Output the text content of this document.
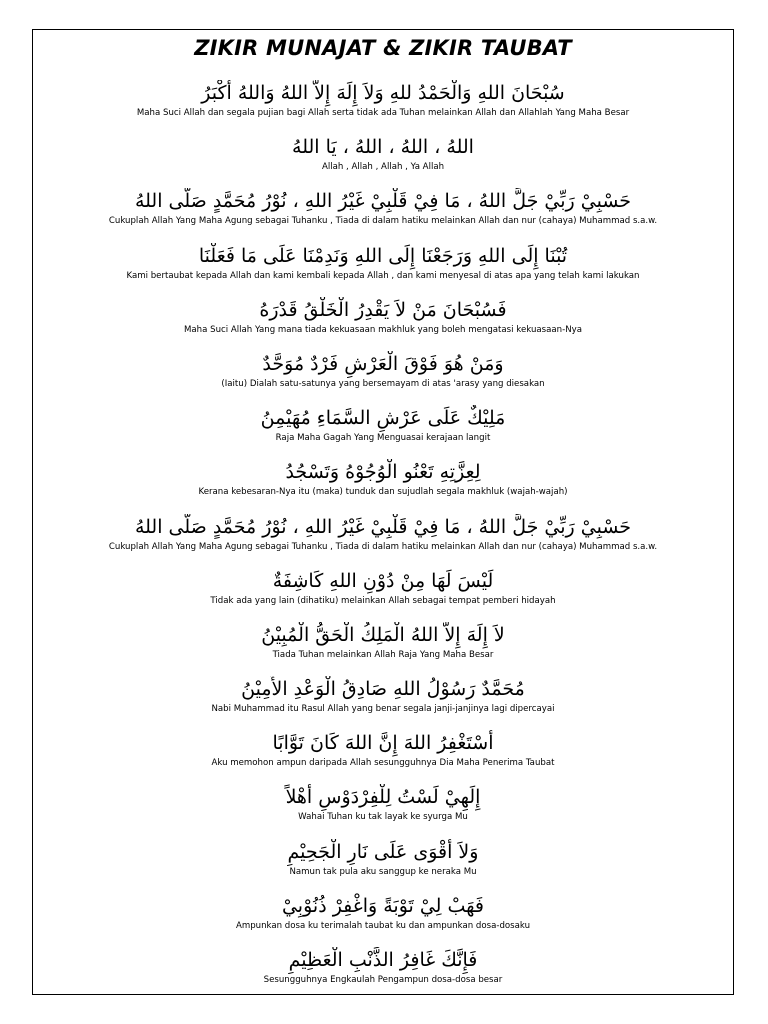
ZIKIR MUNAJAT & ZIKIR TAUBAT
سُبْحَانَ اللهِ وَالْحَمْدُ للهِ وَلاَ إِلَهَ إِلاَّ اللهُ وَاللهُ أَكْبَرُ
Maha Suci Allah dan segala pujian bagi Allah serta tidak ada Tuhan melainkan Allah dan Allahlah Yang Maha Besar
اللهُ ، اللهُ ، اللهُ ، يَا اللهُ
Allah , Allah , Allah , Ya Allah
حَسْبِيْ رَبِّيْ جَلَّ اللهُ ، مَا فِيْ قَلْبِيْ غَيْرُ اللهِ ، نُوْرُ مُحَمَّدٍ صَلَّى اللهُ
Cukuplah Allah Yang Maha Agung sebagai Tuhanku , Tiada di dalam hatiku melainkan Allah dan nur (cahaya) Muhammad s.a.w.
تُبْنَا إِلَى اللهِ وَرَجَعْنَا إِلَى اللهِ وَنَدِمْنَا عَلَى مَا فَعَلْنَا
Kami bertaubat kepada Allah dan kami kembali kepada Allah , dan kami menyesal di atas apa yang telah kami lakukan
فَسُبْحَانَ مَنْ لاَ يَقْدِرُ الْخَلْقُ قَدْرَهُ
Maha Suci Allah Yang mana tiada kekuasaan makhluk yang boleh mengatasi kekuasaan-Nya
وَمَنْ هُوَ فَوْقَ الْعَرْشِ فَرْدٌ مُوَحَّدٌ
(Iaitu) Dialah satu-satunya yang bersemayam di atas 'arasy yang diesakan
مَلِيْكٌ عَلَى عَرْشِ السَّمَاءِ مُهَيْمِنُ
Raja Maha Gagah Yang Menguasai kerajaan langit
لِعِزَّتِهِ تَعْنُو الْوُجُوْهُ وَتَسْجُدُ
Kerana kebesaran-Nya itu (maka) tunduk dan sujudlah segala makhluk (wajah-wajah)
حَسْبِيْ رَبِّيْ جَلَّ اللهُ ، مَا فِيْ قَلْبِيْ غَيْرُ اللهِ ، نُوْرُ مُحَمَّدٍ صَلَّى اللهُ
Cukuplah Allah Yang Maha Agung sebagai Tuhanku , Tiada di dalam hatiku melainkan Allah dan nur (cahaya) Muhammad s.a.w.
لَيْسَ لَهَا مِنْ دُوْنِ اللهِ كَاشِفَةٌ
Tidak ada yang lain (dihatiku) melainkan Allah sebagai tempat pemberi hidayah
لاَ إِلَهَ إِلاَّ اللهُ الْمَلِكُ الْحَقُّ الْمُبِيْنُ
Tiada Tuhan melainkan Allah Raja Yang Maha Besar
مُحَمَّدٌ رَسُوْلُ اللهِ صَادِقُ الْوَعْدِ الأَمِيْنُ
Nabi Muhammad itu Rasul Allah yang benar segala janji-janjinya lagi dipercayai
أَسْتَغْفِرُ اللهَ إِنَّ اللهَ كَانَ تَوَّابًا
Aku memohon ampun daripada Allah sesungguhnya Dia Maha Penerima Taubat
إِلَهِيْ لَسْتُ لِلْفِرْدَوْسِ أَهْلاً
Wahai Tuhan ku tak layak ke syurga Mu
وَلاَ أَقْوَى عَلَى نَارِ الْجَحِيْمِ
Namun tak pula aku sanggup ke neraka Mu
فَهَبْ لِيْ تَوْبَةً وَاغْفِرْ ذُنُوْبِيْ
Ampunkan dosa ku terimalah taubat ku dan ampunkan dosa-dosaku
فَإِنَّكَ غَافِرُ الذَّنْبِ الْعَظِيْمِ
Sesungguhnya Engkaulah Pengampun dosa-dosa besar
